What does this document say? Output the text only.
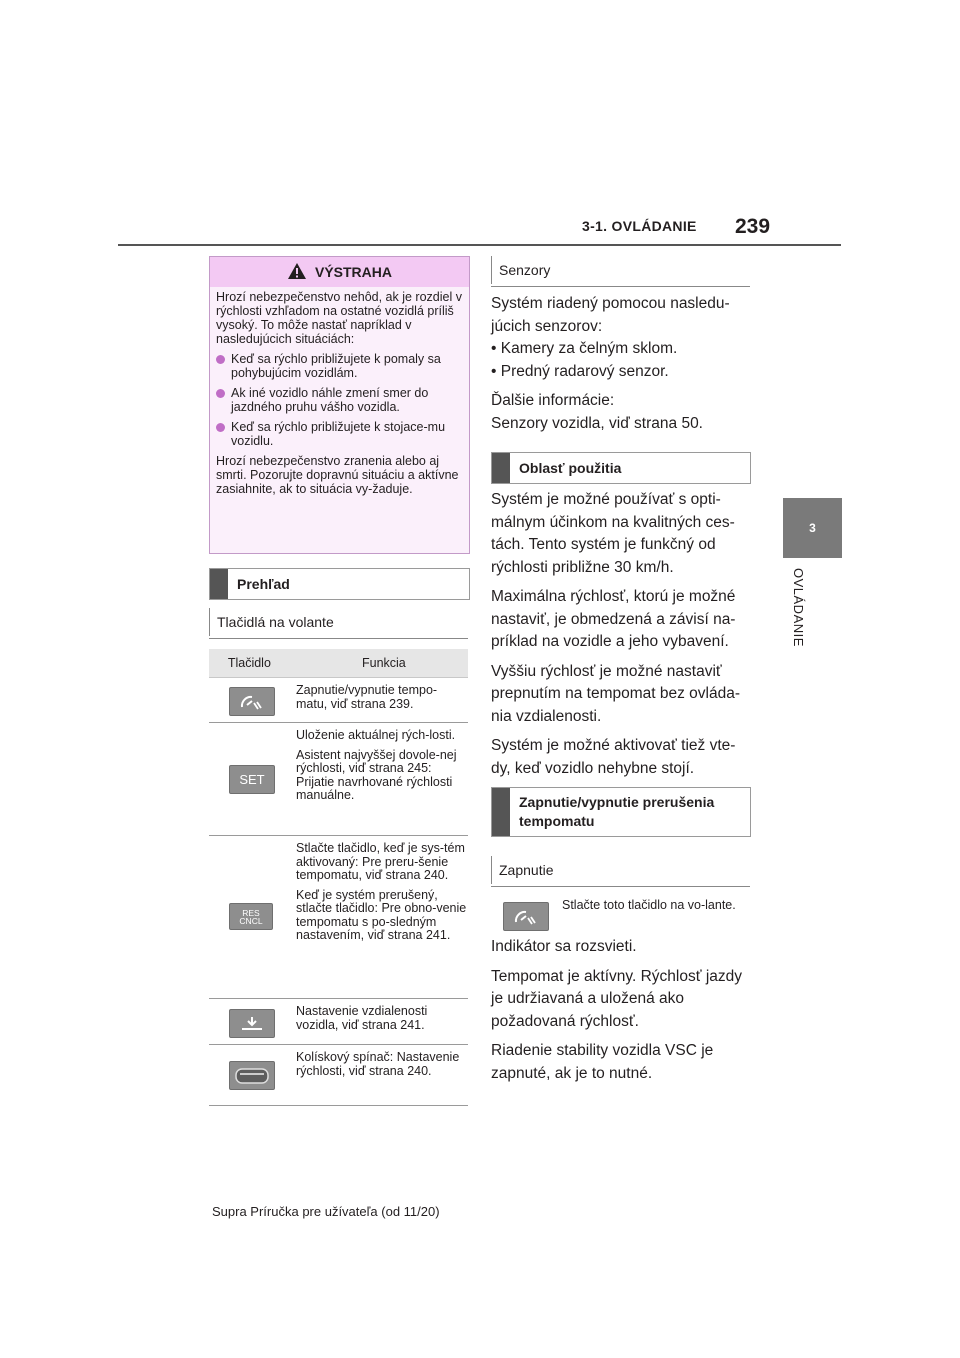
3-1. OVLÁDANIE 239
3
OVLÁDANIE
VÝSTRAHA

Hrozí nebezpečenstvo nehôd, ak je rozdiel v rýchlosti vzhľadom na ostatné vozidlá príliš vysoký. To môže nastať napríklad v nasledujúcich situáciách:

Keď sa rýchlo približujete k pomaly sa pohybujúcim vozidlám.
Ak iné vozidlo náhle zmení smer do jazdného pruhu vášho vozidla.
Keď sa rýchlo približujete k stojace-mu vozidlu.

Hrozí nebezpečenstvo zranenia alebo aj smrti. Pozorujte dopravnú situáciu a aktívne zasiahnite, ak to situácia vy-žaduje.

Prehľad
Tlačidlá na volante
Tlačidlo	Funkcia

Zapnutie/vypnutie tempo-matu, viď strana 239.

SET

Uloženie aktuálnej rých-losti.

Asistent najvyššej dovole-nej rýchlosti, viď strana 245: Prijatie navrhované rýchlosti manuálne.

RES CNCL

Stlačte tlačidlo, keď je sys-tém aktivovaný: Pre preru-šenie tempomatu, viď strana 240.

Keď je systém prerušený, stlačte tlačidlo: Pre obno-venie tempomatu s po-sledným nastavením, viď strana 241.

Nastavenie vzdialenosti vozidla, viď strana 241.

Kolískový spínač: Nastavenie rýchlosti, viď strana 240.

Senzory

Systém riadený pomocou nasledu-júcich senzorov:

• Kamery za čelným sklom.

• Predný radarový senzor.

Ďalšie informácie:

Senzory vozidla, viď strana 50.

Oblasť použitia

Systém je možné používať s opti-málnym účinkom na kvalitných ces-tách. Tento systém je funkčný od rýchlosti približne 30 km/h.

Maximálna rýchlosť, ktorú je možné nastaviť, je obmedzená a závisí na-príklad na vozidle a jeho vybavení.

Vyššiu rýchlosť je možné nastaviť prepnutím na tempomat bez ovláda-nia vzdialenosti.

Systém je možné aktivovať tiež vte-dy, keď vozidlo nehybne stojí.

Zapnutie/vypnutie prerušenia tempomatu
Zapnutie
Stlačte toto tlačidlo na vo-lante.

Indikátor sa rozsvieti.

Tempomat je aktívny. Rýchlosť jazdy je udržiavaná a uložená ako požadovaná rýchlosť.

Riadenie stability vozidla VSC je zapnuté, ak je to nutné.

Supra Príručka pre užívateľa (od 11/20)
